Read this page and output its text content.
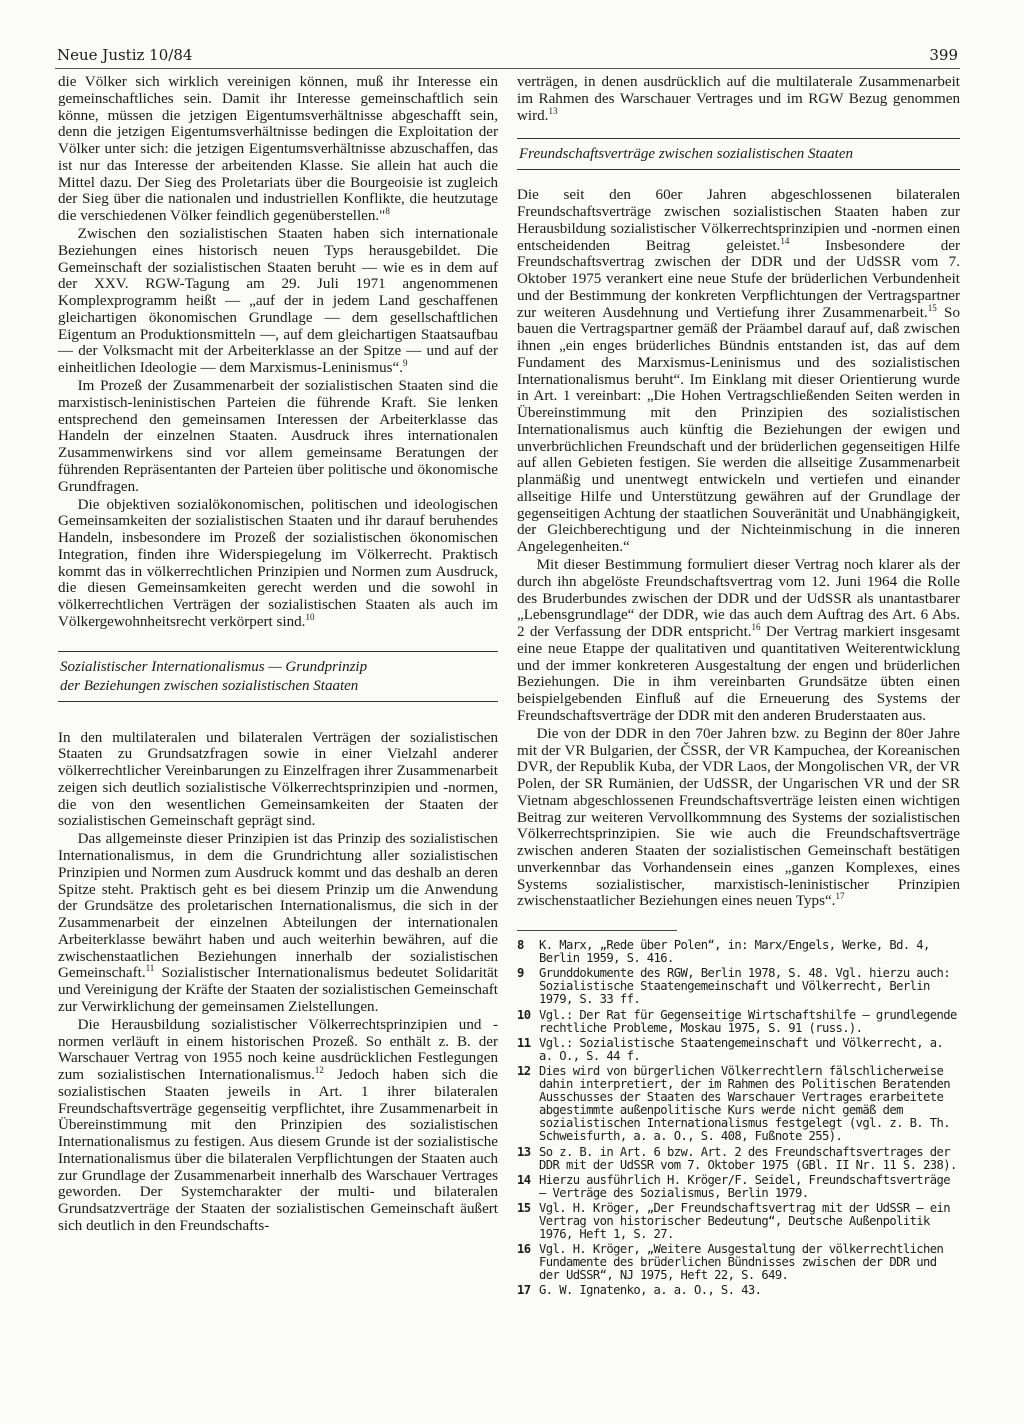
Neue Justiz 10/84	399

die Völker sich wirklich vereinigen können, muß ihr Interesse ein gemeinschaftliches sein. Damit ihr Interesse gemeinschaftlich sein könne, müssen die jetzigen Eigentumsverhältnisse abgeschafft sein, denn die jetzigen Eigentumsverhältnisse bedingen die Exploitation der Völker unter sich: die jetzigen Eigentumsverhältnisse abzuschaffen, das ist nur das Interesse der arbeitenden Klasse. Sie allein hat auch die Mittel dazu. Der Sieg des Proletariats über die Bourgeoisie ist zugleich der Sieg über die nationalen und industriellen Konflikte, die heutzutage die verschiedenen Völker feindlich gegenüberstellen."$^8$

Zwischen den sozialistischen Staaten haben sich internationale Beziehungen eines historisch neuen Typs herausgebildet. Die Gemeinschaft der sozialistischen Staaten beruht — wie es in dem auf der XXV. RGW-Tagung am 29. Juli 1971 angenommenen Komplexprogramm heißt — „auf der in jedem Land geschaffenen gleichartigen ökonomischen Grundlage — dem gesellschaftlichen Eigentum an Produktionsmitteln —, auf dem gleichartigen Staatsaufbau — der Volksmacht mit der Arbeiterklasse an der Spitze — und auf der einheitlichen Ideologie — dem Marxismus-Leninismus“.$^9$

Im Prozeß der Zusammenarbeit der sozialistischen Staaten sind die marxistisch-leninistischen Parteien die führende Kraft. Sie lenken entsprechend den gemeinsamen Interessen der Arbeiterklasse das Handeln der einzelnen Staaten. Ausdruck ihres internationalen Zusammenwirkens sind vor allem gemeinsame Beratungen der führenden Repräsentanten der Parteien über politische und ökonomische Grundfragen.

Die objektiven sozialökonomischen, politischen und ideologischen Gemeinsamkeiten der sozialistischen Staaten und ihr darauf beruhendes Handeln, insbesondere im Prozeß der sozialistischen ökonomischen Integration, finden ihre Widerspiegelung im Völkerrecht. Praktisch kommt das in völkerrechtlichen Prinzipien und Normen zum Ausdruck, die diesen Gemeinsamkeiten gerecht werden und die sowohl in völkerrechtlichen Verträgen der sozialistischen Staaten als auch im Völkergewohnheitsrecht verkörpert sind.$^{10}$

Sozialistischer Internationalismus — Grundprinzip
der Beziehungen zwischen sozialistischen Staaten

In den multilateralen und bilateralen Verträgen der sozialistischen Staaten zu Grundsatzfragen sowie in einer Vielzahl anderer völkerrechtlicher Vereinbarungen zu Einzelfragen ihrer Zusammenarbeit zeigen sich deutlich sozialistische Völkerrechtsprinzipien und -normen, die von den wesentlichen Gemeinsamkeiten der Staaten der sozialistischen Gemeinschaft geprägt sind.

Das allgemeinste dieser Prinzipien ist das Prinzip des sozialistischen Internationalismus, in dem die Grundrichtung aller sozialistischen Prinzipien und Normen zum Ausdruck kommt und das deshalb an deren Spitze steht. Praktisch geht es bei diesem Prinzip um die Anwendung der Grundsätze des proletarischen Internationalismus, die sich in der Zusammenarbeit der einzelnen Abteilungen der internationalen Arbeiterklasse bewährt haben und auch weiterhin bewähren, auf die zwischenstaatlichen Beziehungen innerhalb der sozialistischen Gemeinschaft.$^{11}$ Sozialistischer Internationalismus bedeutet Solidarität und Vereinigung der Kräfte der Staaten der sozialistischen Gemeinschaft zur Verwirklichung der gemeinsamen Zielstellungen.

Die Herausbildung sozialistischer Völkerrechtsprinzipien und -normen verläuft in einem historischen Prozeß. So enthält z. B. der Warschauer Vertrag von 1955 noch keine ausdrücklichen Festlegungen zum sozialistischen Internationalismus.$^{12}$ Jedoch haben sich die sozialistischen Staaten jeweils in Art. 1 ihrer bilateralen Freundschaftsverträge gegenseitig verpflichtet, ihre Zusammenarbeit in Übereinstimmung mit den Prinzipien des sozialistischen Internationalismus zu festigen. Aus diesem Grunde ist der sozialistische Internationalismus über die bilateralen Verpflichtungen der Staaten auch zur Grundlage der Zusammenarbeit innerhalb des Warschauer Vertrages geworden. Der Systemcharakter der multi- und bilateralen Grundsatzverträge der Staaten der sozialistischen Gemeinschaft äußert sich deutlich in den Freundschafts-

verträgen, in denen ausdrücklich auf die multilaterale Zusammenarbeit im Rahmen des Warschauer Vertrages und im RGW Bezug genommen wird.$^{13}$

Freundschaftsverträge zwischen sozialistischen Staaten

Die seit den 60er Jahren abgeschlossenen bilateralen Freundschaftsverträge zwischen sozialistischen Staaten haben zur Herausbildung sozialistischer Völkerrechtsprinzipien und -normen einen entscheidenden Beitrag geleistet.$^{14}$ Insbesondere der Freundschaftsvertrag zwischen der DDR und der UdSSR vom 7. Oktober 1975 verankert eine neue Stufe der brüderlichen Verbundenheit und der Bestimmung der konkreten Verpflichtungen der Vertragspartner zur weiteren Ausdehnung und Vertiefung ihrer Zusammenarbeit.$^{15}$ So bauen die Vertragspartner gemäß der Präambel darauf auf, daß zwischen ihnen „ein enges brüderliches Bündnis entstanden ist, das auf dem Fundament des Marxismus-Leninismus und des sozialistischen Internationalismus beruht“. Im Einklang mit dieser Orientierung wurde in Art. 1 vereinbart: „Die Hohen Vertragschließenden Seiten werden in Übereinstimmung mit den Prinzipien des sozialistischen Internationalismus auch künftig die Beziehungen der ewigen und unverbrüchlichen Freundschaft und der brüderlichen gegenseitigen Hilfe auf allen Gebieten festigen. Sie werden die allseitige Zusammenarbeit planmäßig und unentwegt entwickeln und vertiefen und einander allseitige Hilfe und Unterstützung gewähren auf der Grundlage der gegenseitigen Achtung der staatlichen Souveränität und Unabhängigkeit, der Gleichberechtigung und der Nichteinmischung in die inneren Angelegenheiten.“

Mit dieser Bestimmung formuliert dieser Vertrag noch klarer als der durch ihn abgelöste Freundschaftsvertrag vom 12. Juni 1964 die Rolle des Bruderbundes zwischen der DDR und der UdSSR als unantastbarer „Lebensgrundlage“ der DDR, wie das auch dem Auftrag des Art. 6 Abs. 2 der Verfassung der DDR entspricht.$^{16}$ Der Vertrag markiert insgesamt eine neue Etappe der qualitativen und quantitativen Weiterentwicklung und der immer konkreteren Ausgestaltung der engen und brüderlichen Beziehungen. Die in ihm vereinbarten Grundsätze übten einen beispielgebenden Einfluß auf die Erneuerung des Systems der Freundschaftsverträge der DDR mit den anderen Bruderstaaten aus.

Die von der DDR in den 70er Jahren bzw. zu Beginn der 80er Jahre mit der VR Bulgarien, der ČSSR, der VR Kampuchea, der Koreanischen DVR, der Republik Kuba, der VDR Laos, der Mongolischen VR, der VR Polen, der SR Rumänien, der UdSSR, der Ungarischen VR und der SR Vietnam abgeschlossenen Freundschaftsverträge leisten einen wichtigen Beitrag zur weiteren Vervollkommnung des Systems der sozialistischen Völkerrechtsprinzipien. Sie wie auch die Freundschaftsverträge zwischen anderen Staaten der sozialistischen Gemeinschaft bestätigen unverkennbar das Vorhandensein eines „ganzen Komplexes, eines Systems sozialistischer, marxistisch-leninistischer Prinzipien zwischenstaatlicher Beziehungen eines neuen Typs“.$^{17}$

8	K. Marx, „Rede über Polen“, in: Marx/Engels, Werke, Bd. 4, Berlin 1959, S. 416.
9	Grunddokumente des RGW, Berlin 1978, S. 48. Vgl. hierzu auch: Sozialistische Staatengemeinschaft und Völkerrecht, Berlin 1979, S. 33 ff.
10 Vgl.: Der Rat für Gegenseitige Wirtschaftshilfe — grundlegende rechtliche Probleme, Moskau 1975, S. 91 (russ.).
11 Vgl.: Sozialistische Staatengemeinschaft und Völkerrecht, a. a. O., S. 44 f.
12 Dies wird von bürgerlichen Völkerrechtlern fälschlicherweise dahin interpretiert, der im Rahmen des Politischen Beratenden Ausschusses der Staaten des Warschauer Vertrages erarbeitete abgestimmte außenpolitische Kurs werde nicht gemäß dem sozialistischen Internationalismus festgelegt (vgl. z. B. Th. Schweisfurth, a. a. O., S. 408, Fußnote 255).
13 So z. B. in Art. 6 bzw. Art. 2 des Freundschaftsvertrages der DDR mit der UdSSR vom 7. Oktober 1975 (GBl. II Nr. 11 S. 238).
14 Hierzu ausführlich H. Kröger/F. Seidel, Freundschaftsverträge — Verträge des Sozialismus, Berlin 1979.
15 Vgl. H. Kröger, „Der Freundschaftsvertrag mit der UdSSR — ein Vertrag von historischer Bedeutung“, Deutsche Außenpolitik 1976, Heft 1, S. 27.
16 Vgl. H. Kröger, „Weitere Ausgestaltung der völkerrechtlichen Fundamente des brüderlichen Bündnisses zwischen der DDR und der UdSSR“, NJ 1975, Heft 22, S. 649.
17 G. W. Ignatenko, a. a. O., S. 43.
